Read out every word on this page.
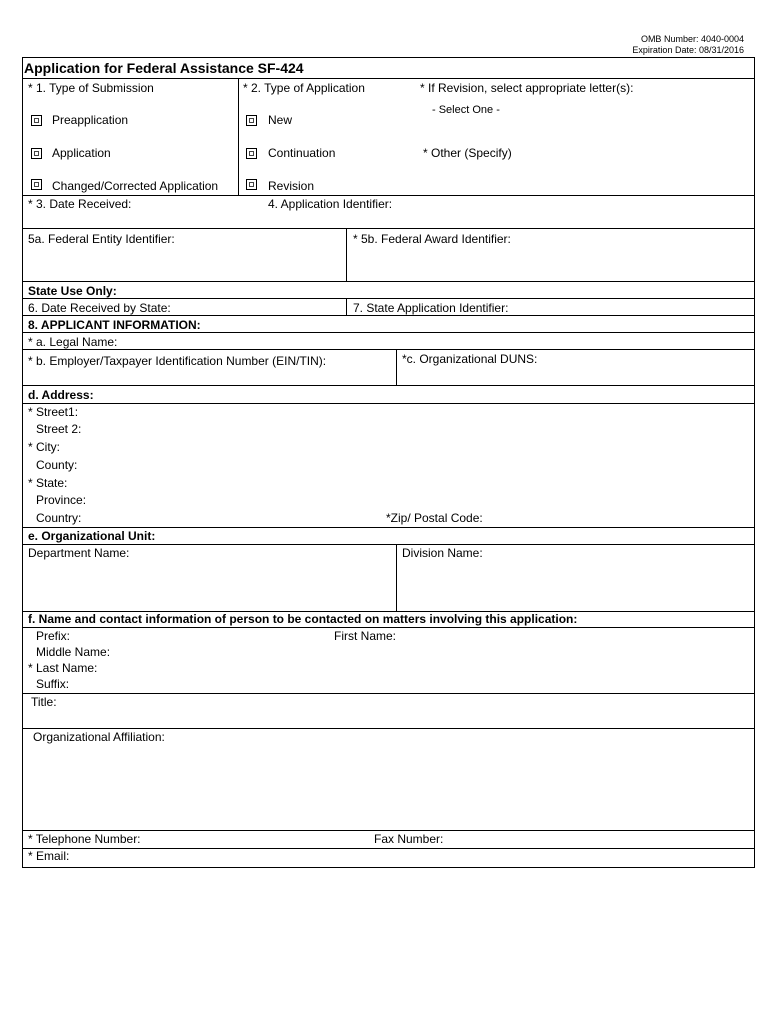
OMB Number: 4040-0004
Expiration Date: 08/31/2016
Application for Federal Assistance SF-424
* 1. Type of Submission	* 2. Type of Application	* If Revision, select appropriate letter(s):
Preapplication
Application
Changed/Corrected Application
New
Continuation
Revision
- Select One -
* Other (Specify)
* 3. Date Received:	4. Application Identifier:
5a. Federal Entity Identifier:	* 5b. Federal Award Identifier:
State Use Only:
6. Date Received by State:	7. State Application Identifier:
8. APPLICANT INFORMATION:
* a. Legal Name:
* b. Employer/Taxpayer Identification Number (EIN/TIN):	*c. Organizational DUNS:
d. Address:
* Street1:
Street 2:
* City:
County:
* State:
Province:
Country:	*Zip/ Postal Code:
e. Organizational Unit:
Department Name:	Division Name:
f. Name and contact information of person to be contacted on matters involving this application:
Prefix:	First Name:
Middle Name:
* Last Name:
Suffix:
Title:
Organizational Affiliation:
* Telephone Number:	Fax Number:
* Email:
